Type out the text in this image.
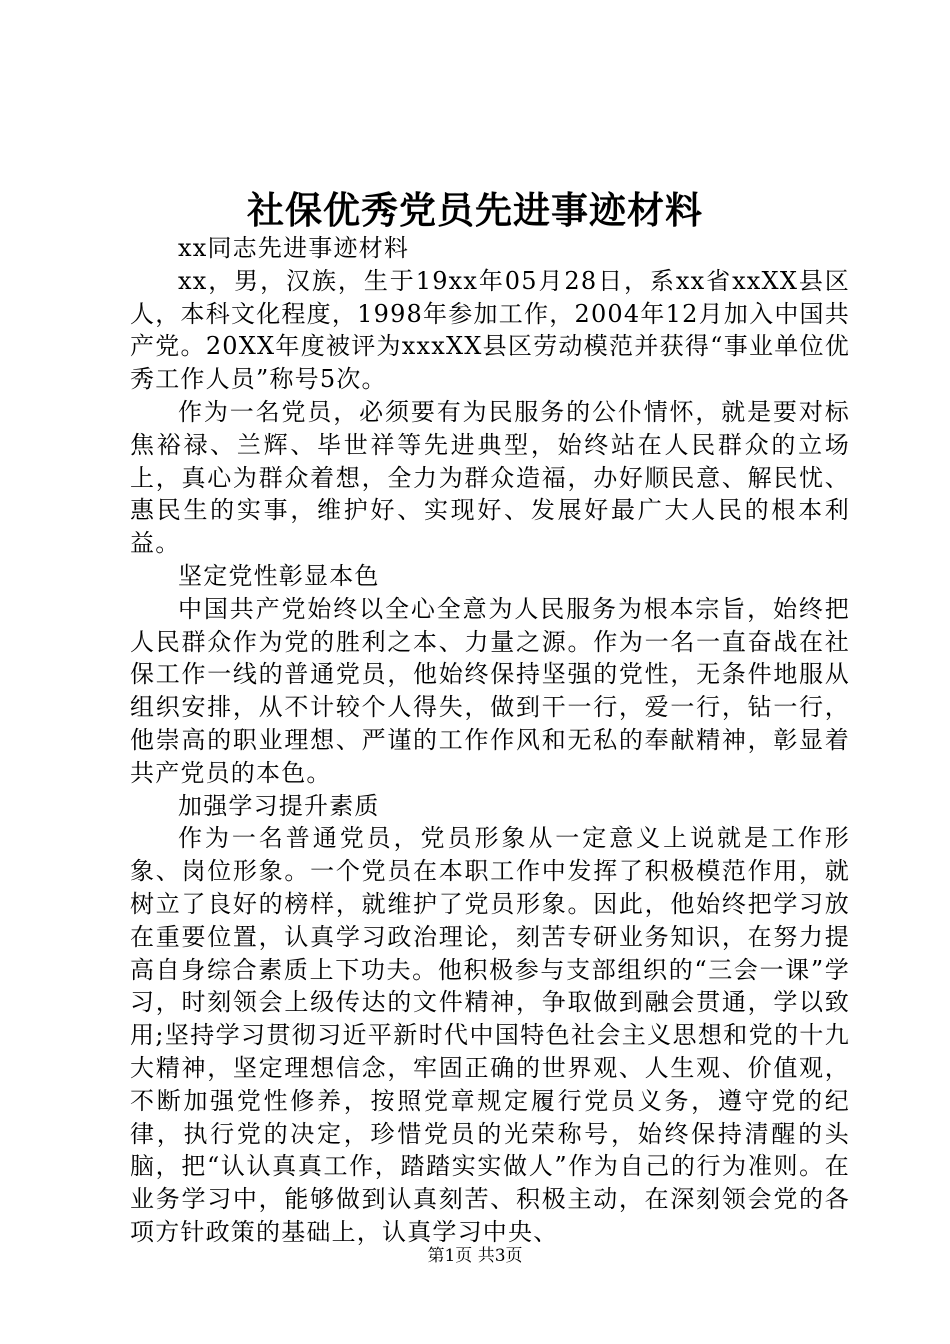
社保优秀党员先进事迹材料

xx同志先进事迹材料

xx，男，汉族，生于19xx年05月28日，系xx省xxXX县区人，本科文化程度，1998年参加工作，2004年12月加入中国共产党。20XX年度被评为xxxXX县区劳动模范并获得“事业单位优秀工作人员”称号5次。

作为一名党员，必须要有为民服务的公仆情怀，就是要对标焦裕禄、兰辉、毕世祥等先进典型，始终站在人民群众的立场上，真心为群众着想，全力为群众造福，办好顺民意、解民忧、惠民生的实事，维护好、实现好、发展好最广大人民的根本利益。

坚定党性彰显本色

中国共产党始终以全心全意为人民服务为根本宗旨，始终把人民群众作为党的胜利之本、力量之源。作为一名一直奋战在社保工作一线的普通党员，他始终保持坚强的党性，无条件地服从组织安排，从不计较个人得失，做到干一行，爱一行，钻一行，他崇高的职业理想、严谨的工作作风和无私的奉献精神，彰显着共产党员的本色。

加强学习提升素质

作为一名普通党员，党员形象从一定意义上说就是工作形象、岗位形象。一个党员在本职工作中发挥了积极模范作用，就树立了良好的榜样，就维护了党员形象。因此，他始终把学习放在重要位置，认真学习政治理论，刻苦专研业务知识，在努力提高自身综合素质上下功夫。他积极参与支部组织的“三会一课”学习，时刻领会上级传达的文件精神，争取做到融会贯通，学以致用;坚持学习贯彻习近平新时代中国特色社会主义思想和党的十九大精神，坚定理想信念，牢固正确的世界观、人生观、价值观，不断加强党性修养，按照党章规定履行党员义务，遵守党的纪律，执行党的决定，珍惜党员的光荣称号，始终保持清醒的头脑，把“认认真真工作，踏踏实实做人”作为自己的行为准则。在业务学习中，能够做到认真刻苦、积极主动，在深刻领会党的各项方针政策的基础上，认真学习中央、

第1页 共3页
